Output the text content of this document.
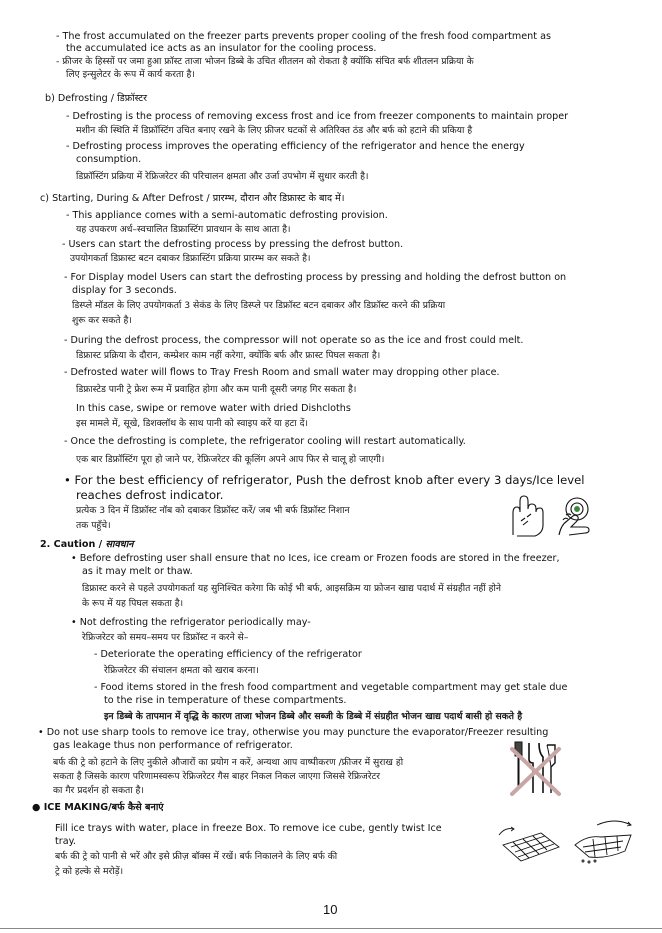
- The frost accumulated on the freezer parts prevents proper cooling of the fresh food compartment as
the accumulated ice acts as an insulator for the cooling process.
- फ्रीजर के हिस्सों पर जमा हुआ फ्रॉस्ट ताजा भोजन डिब्बे के उचित शीतलन को रोकता है क्योंकि संचित बर्फ शीतलन प्रक्रिया के
लिए इन्सुलेटर के रूप में कार्य करता है।
b) Defrosting / डिफ्रॉस्टर
- Defrosting is the process of removing excess frost and ice from freezer components to maintain proper
मशीन की स्थिति में डिफ्रॉस्टिंग उचित बनाए रखने के लिए फ्रीजर घटकों से अतिरिक्त ठंड और बर्फ को हटाने की प्रकिया है
- Defrosting process improves the operating efficiency of the refrigerator and hence the energy
consumption.
डिफ्रॉस्टिंग प्रक्रिया में रेफ्रिजरेटर की परिचालन क्षमता और उर्जा उपभोग में सुधार करती है।
c) Starting, During & After Defrost / प्रारम्भ, दौरान और डिफ्रास्ट के बाद में।
- This appliance comes with a semi-automatic defrosting provision.
यह उपकरण अर्ध–स्वचालित डिफ्रास्टिंग प्रावधान के साथ आता है।
- Users can start the defrosting process by pressing the defrost button.
उपयोगकर्ता डिफ्रास्ट बटन दबाकर डिफ्रास्टिंग प्रक्रिया प्रारम्भ कर सकते है।
- For Display model Users can start the defrosting process by pressing and holding the defrost button on
display for 3 seconds.
डिस्प्ले मॉडल के लिए उपयोगकर्ता 3 सेकंड के लिए डिस्प्ले पर डिफ्रॉस्ट बटन दबाकर और डिफ्रॉस्ट करने की प्रक्रिया
शुरू कर सकते है।
- During the defrost process, the compressor will not operate so as the ice and frost could melt.
डिफ्रास्ट प्रक्रिया के दौरान, कम्प्रेशर काम नहीं करेगा, क्योंकि बर्फ और फ्रास्ट पिघल सकता है।
- Defrosted water will flows to Tray Fresh Room and small water may dropping other place.
डिफ्रास्टेड पानी ट्रे फ्रेश रूम में प्रवाहित होगा और कम पानी दूसरी जगह गिर सकता है।
In this case, swipe or remove water with dried Dishcloths
इस मामले में, सूखे, डिशक्लॉथ के साथ पानी को स्वाइप करें या हटा दें।
- Once the defrosting is complete, the refrigerator cooling will restart automatically.
एक बार डिफ्रॉस्टिंग पूरा हो जाने पर, रेफ्रिजरेटर की कूलिंग अपने आप फिर से चालू हो जाएगी।
• For the best efficiency of refrigerator, Push the defrost knob after every 3 days/Ice level
reaches defrost indicator.
प्रत्येक 3 दिन में डिफ्रॉस्ट नॉब को दबाकर डिफ्रॉस्ट करें/ जब भी बर्फ डिफ्रॉस्ट निशान
तक पहुँचे।
2. Caution / सावधान
• Before defrosting user shall ensure that no Ices, ice cream or Frozen foods are stored in the freezer,
as it may melt or thaw.
डिफ्रास्ट करने से पहले उपयोगकर्ता यह सुनिश्चित करेगा कि कोई भी बर्फ, आइसक्रिम या फ्रोजन खाद्य पदार्थ में संग्रहीत नहीं होने
के रूप में यह पिघल सकता है।
• Not defrosting the refrigerator periodically may-
रेफ्रिजरेटर को समय–समय पर डिफ्रॉस्ट न करने से–
- Deteriorate the operating efficiency of the refrigerator
रेफ्रिजरेटर की संचालन क्षमता को खराब करना।
- Food items stored in the fresh food compartment and vegetable compartment may get stale due
to the rise in temperature of these compartments.
इन डिब्बे के तापमान में वृद्धि के कारण ताजा भोजन डिब्बे और सब्जी के डिब्बे में संग्रहीत भोजन खाद्य पदार्थ बासी हो सकते है
• Do not use sharp tools to remove ice tray, otherwise you may puncture the evaporator/Freezer resulting
gas leakage thus non performance of refrigerator.
बर्फ की ट्रे को हटाने के लिए नुकीले औजारों का प्रयोग न करें, अन्यथा आप वाष्पीकरण /फ्रीजर में सुराख हो
सकता है जिसके कारण परिणामस्वरूप रेफ्रिजरेटर गैस बाहर निकल निकल जाएगा जिससे रेफ्रिजरेटर
का गैर प्रदर्शन हो सकता है।
● ICE MAKING/बर्फ कैसे बनाएं
Fill ice trays with water, place in freeze Box. To remove ice cube, gently twist Ice
tray.
बर्फ की ट्रे को पानी से भरें और इसे फ्रीज़ बॉक्स में रखें। बर्फ निकालने के लिए बर्फ की
ट्रे को हल्के से मरोड़ें।
10
